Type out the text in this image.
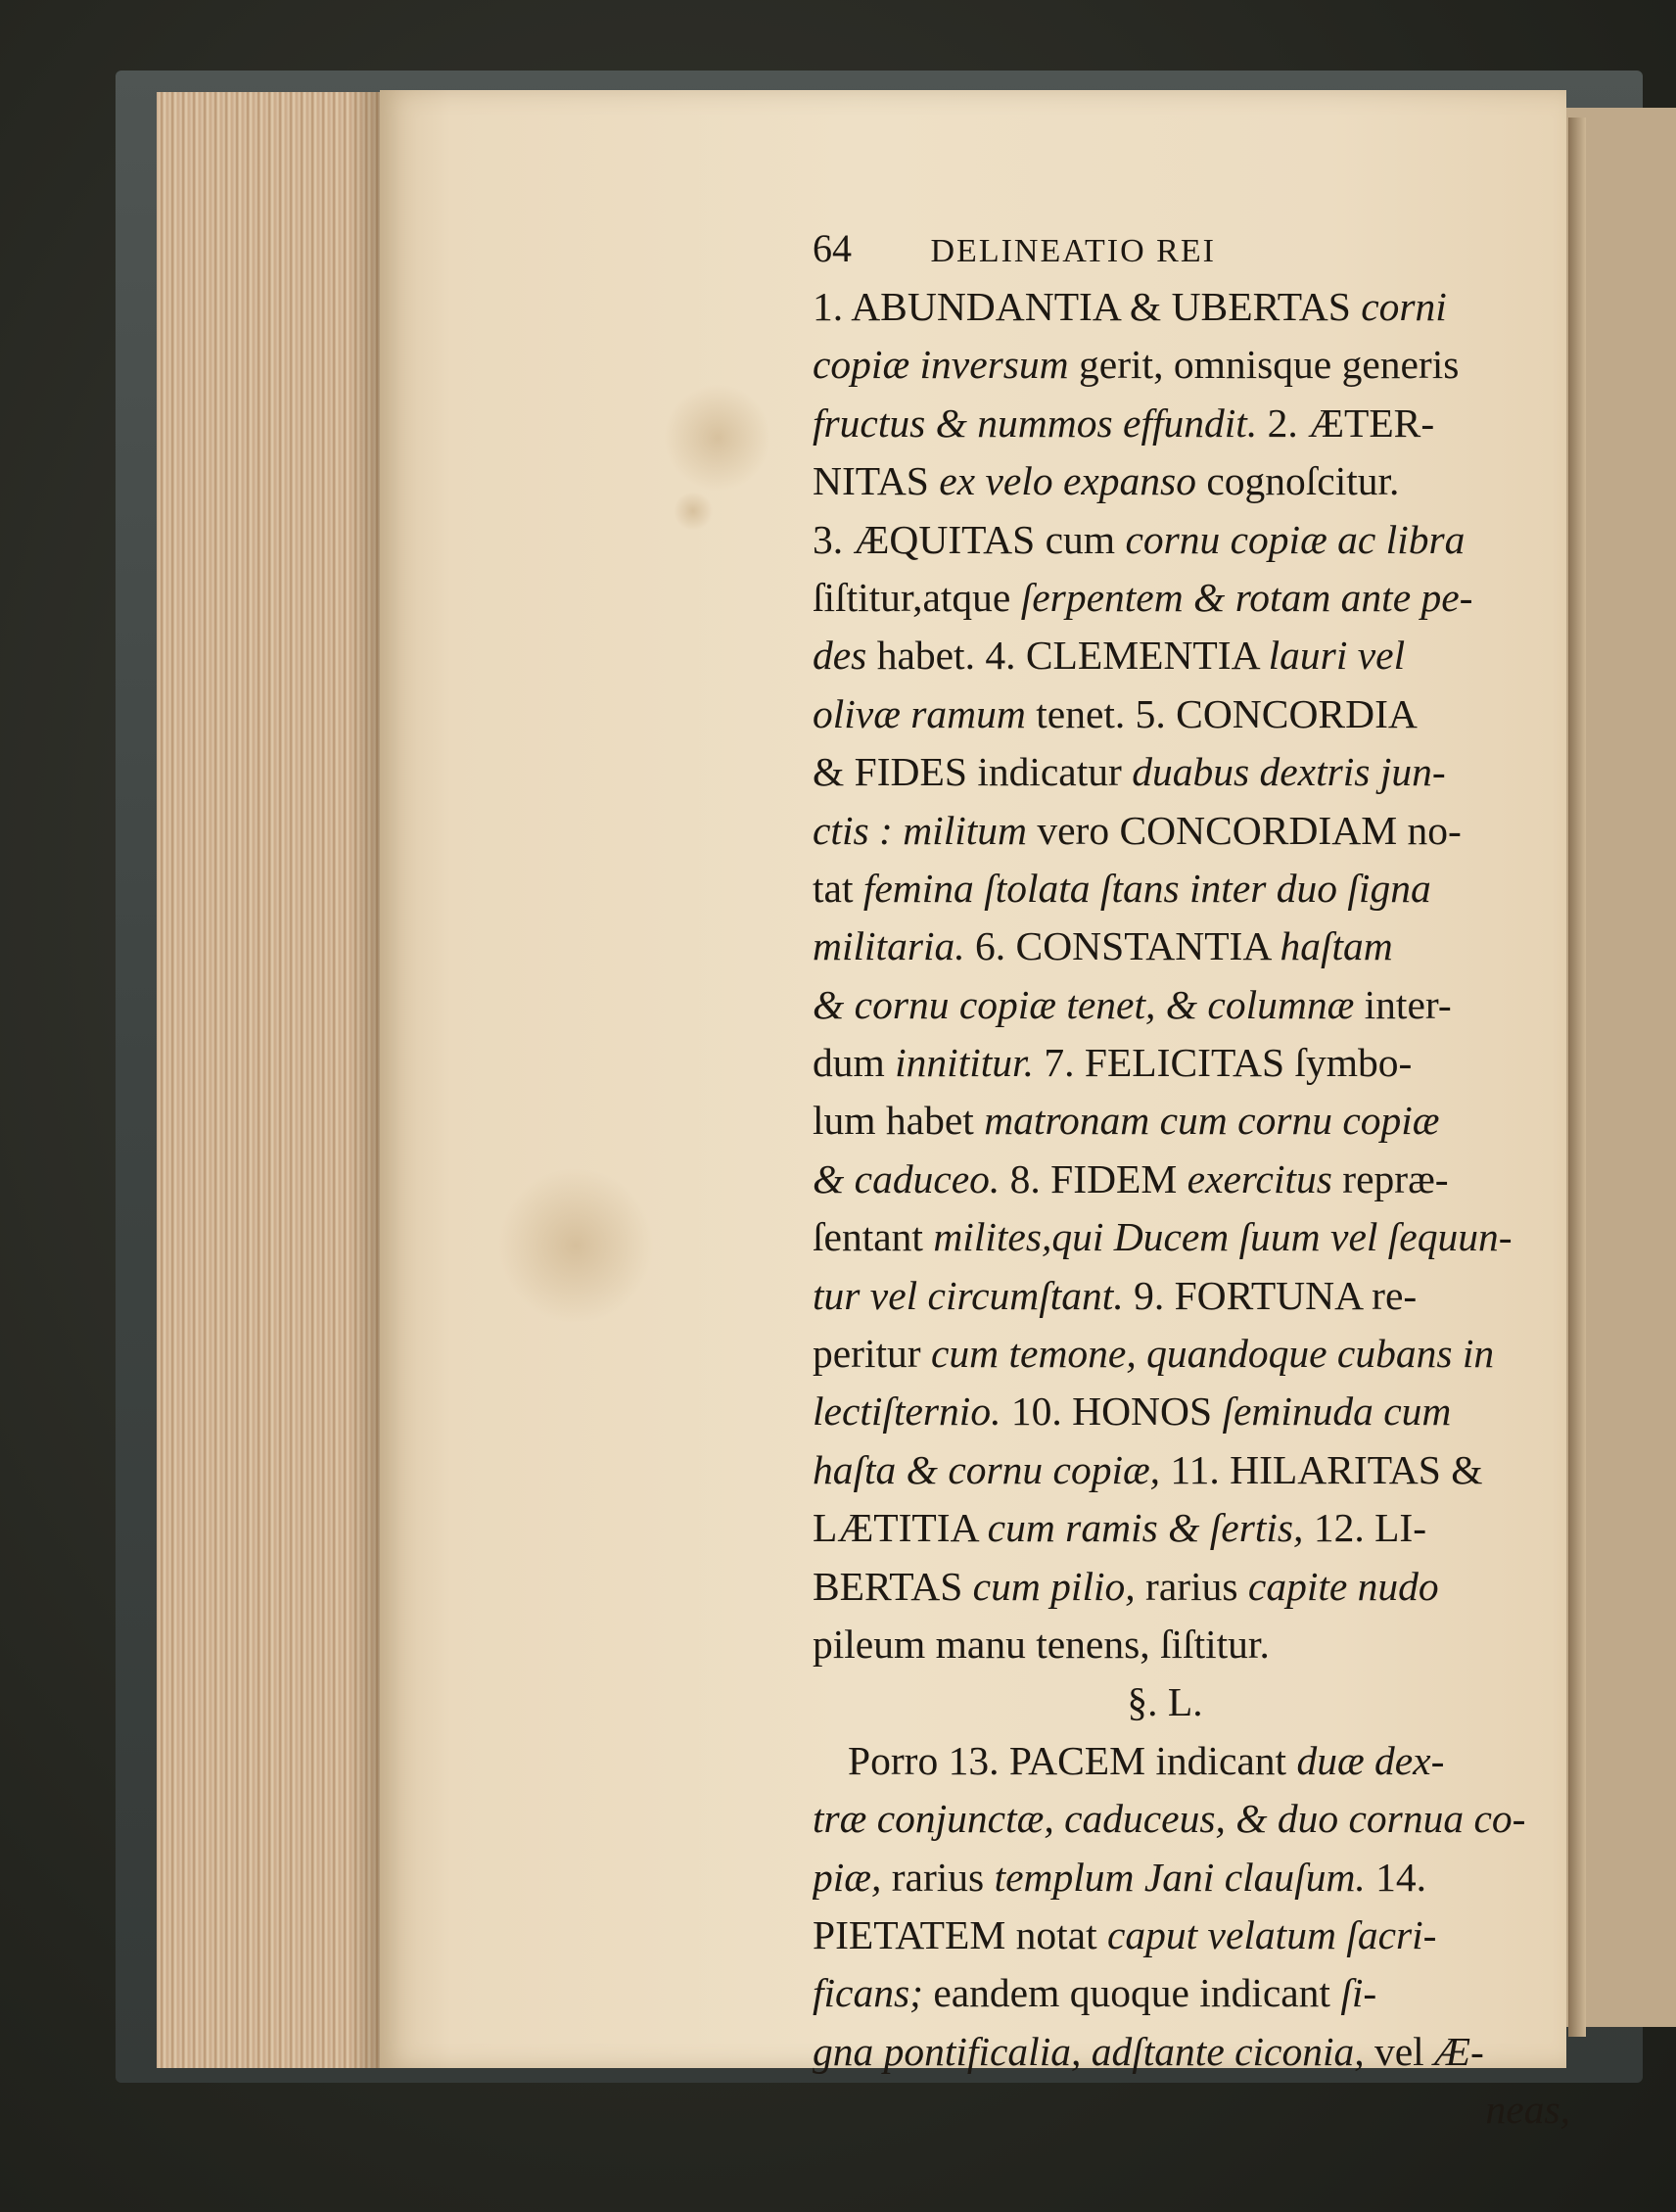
64 DELINEATIO REI
1. ABUNDANTIA & UBERTAS corni
copiæ inversum gerit, omnisque generis
fructus & nummos effundit. 2. ÆTER-
NITAS ex velo expanso cognoſcitur.
3. ÆQUITAS cum cornu copiæ ac libra
ſiſtitur,atque ſerpentem & rotam ante pe-
des habet. 4. CLEMENTIA lauri vel
olivæ ramum tenet. 5. CONCORDIA
& FIDES indicatur duabus dextris jun-
ctis : militum vero CONCORDIAM no-
tat femina ſtolata ſtans inter duo ſigna
militaria. 6. CONSTANTIA haſtam
& cornu copiæ tenet, & columnæ inter-
dum innititur. 7. FELICITAS ſymbo-
lum habet matronam cum cornu copiæ
& caduceo. 8. FIDEM exercitus repræ-
ſentant milites,qui Ducem ſuum vel ſequun-
tur vel circumſtant. 9. FORTUNA re-
peritur cum temone, quandoque cubans in
lectiſternio. 10. HONOS ſeminuda cum
haſta & cornu copiæ, 11. HILARITAS &
LÆTITIA cum ramis & ſertis, 12. LI-
BERTAS cum pilio, rarius capite nudo
pileum manu tenens, ſiſtitur.
§. L.
Porro 13. PACEM indicant duæ dex-
træ conjunctæ, caduceus, & duo cornua co-
piæ, rarius templum Jani clauſum. 14.
PIETATEM notat caput velatum ſacri-
ficans; eandem quoque indicant ſi-
gna pontificalia, adſtante ciconia, vel Æ-
neas,
